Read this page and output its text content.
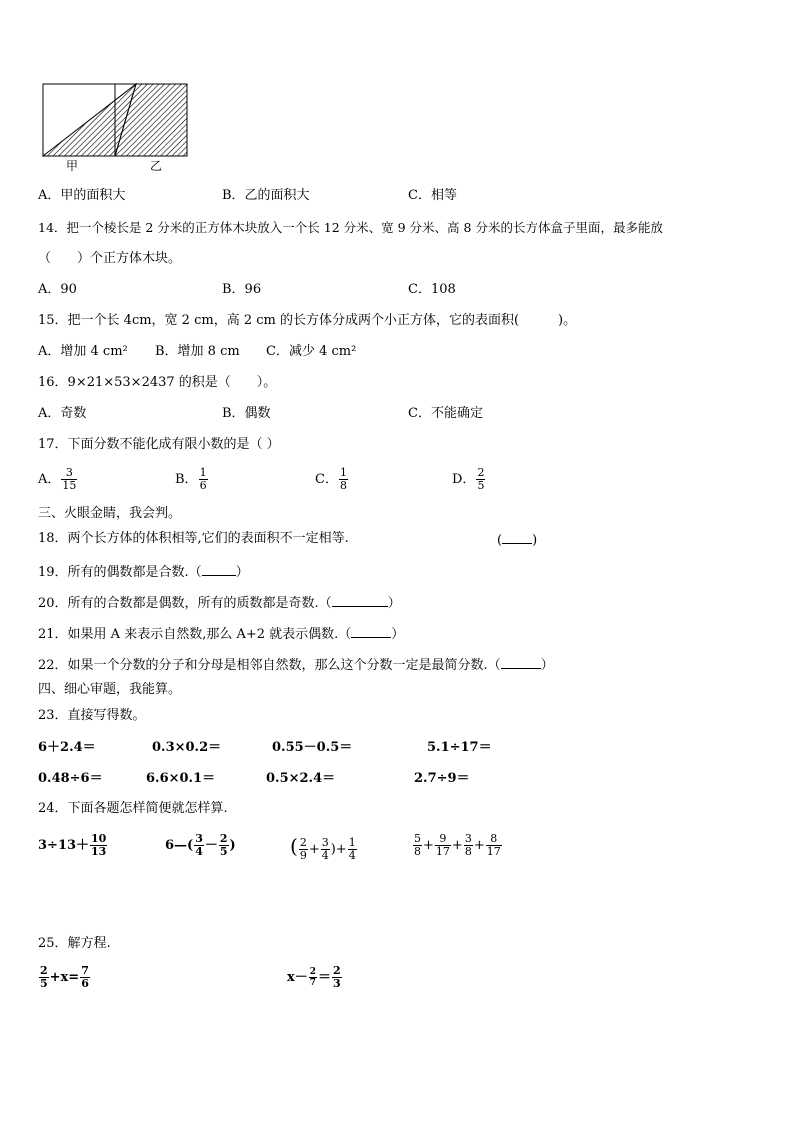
甲	乙
A．甲的面积大	B．乙的面积大	C．相等
14．把一个棱长是 2 分米的正方体木块放入一个长 12 分米、宽 9 分米、高 8 分米的长方体盒子里面，最多能放
（　　）个正方体木块。
A．90	B．96	C．108
15．把一个长 4cm，宽 2 cm，高 2 cm 的长方体分成两个小正方体，它的表面积(　　　)。
A．增加 4 cm² B．增加 8 cm C．减少 4 cm²
16．9×21×53×2437 的积是（　　）。
A．奇数	B．偶数	C．不能确定
17．下面分数不能化成有限小数的是（ ）
A． $\frac{3}{15}$	B． $\frac{1}{6}$	C． $\frac{1}{8}$	D． $\frac{2}{5}$
三、火眼金睛，我会判。
18．两个长方体的体积相等,它们的表面积不一定相等.	( )
19．所有的偶数都是合数.（	）
20．所有的合数都是偶数，所有的质数都是奇数.（	）
21．如果用 A 来表示自然数,那么 A+2 就表示偶数.（	）
22．如果一个分数的分子和分母是相邻自然数，那么这个分数一定是最简分数.（	）
四、细心审题，我能算。
23．直接写得数。
6＋2.4＝	0.3×0.2＝	0.55－0.5＝	5.1÷17＝
0.48÷6＝	6.6×0.1＝	0.5×2.4＝	2.7÷9＝
24．下面各题怎样简便就怎样算.
$3\div 13+ \frac{10}{13}$	6—( $\frac{3}{4} - \frac{2}{5}$ )	( $\frac{2}{9} + \frac{3}{4}$ )+ $\frac{1}{4}$	$\frac{5}{8} + \frac{9}{17} + \frac{3}{8} + \frac{8}{17}$
25．解方程.
$\frac{2}{5} +x= \frac{7}{6}$	$x- \frac{2}{7} = \frac{2}{3}$
